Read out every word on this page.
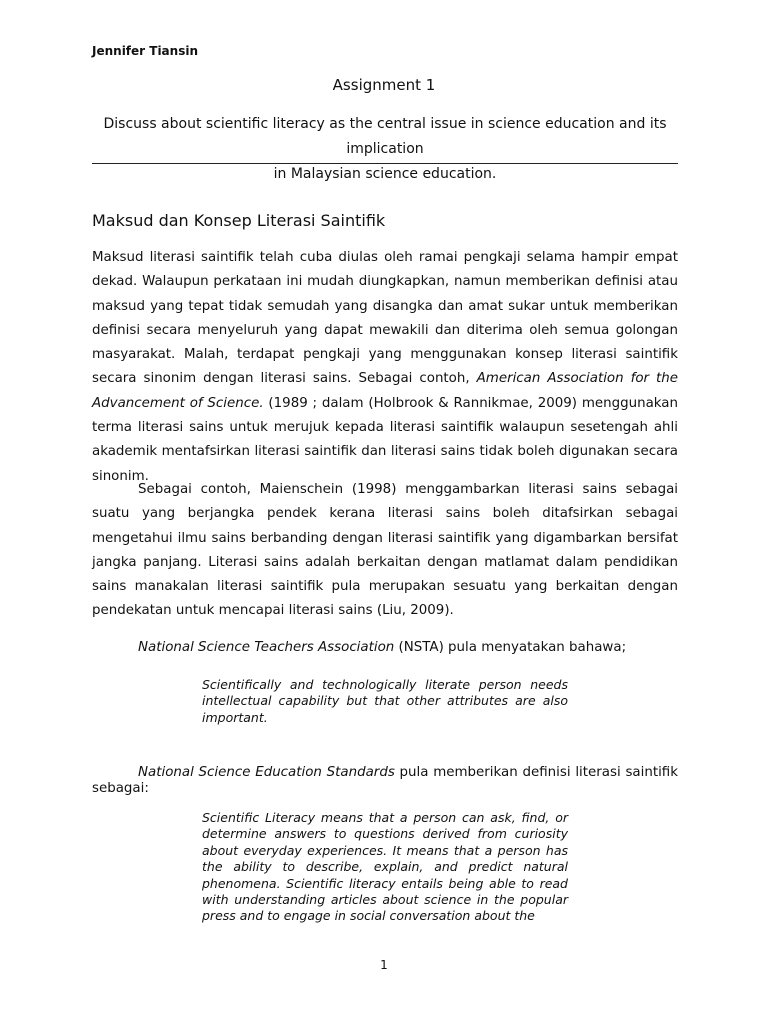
Jennifer Tiansin
Assignment 1
Discuss about scientific literacy as the central issue in science education and its implication
in Malaysian science education.
Maksud dan Konsep Literasi Saintifik

Maksud literasi saintifik telah cuba diulas oleh ramai pengkaji selama hampir empat dekad. Walaupun perkataan ini mudah diungkapkan, namun memberikan definisi atau maksud yang tepat tidak semudah yang disangka dan amat sukar untuk memberikan definisi secara menyeluruh yang dapat mewakili dan diterima oleh semua golongan masyarakat. Malah, terdapat pengkaji yang menggunakan konsep literasi saintifik secara sinonim dengan literasi sains. Sebagai contoh, American Association for the Advancement of Science. (1989 ; dalam (Holbrook & Rannikmae, 2009) menggunakan terma literasi sains untuk merujuk kepada literasi saintifik walaupun sesetengah ahli akademik mentafsirkan literasi saintifik dan literasi sains tidak boleh digunakan secara sinonim.

Sebagai contoh, Maienschein (1998) menggambarkan literasi sains sebagai suatu yang berjangka pendek kerana literasi sains boleh ditafsirkan sebagai mengetahui ilmu sains berbanding dengan literasi saintifik yang digambarkan bersifat jangka panjang. Literasi sains adalah berkaitan dengan matlamat dalam pendidikan sains manakalan literasi saintifik pula merupakan sesuatu yang berkaitan dengan pendekatan untuk mencapai literasi sains (Liu, 2009).

National Science Teachers Association (NSTA) pula menyatakan bahawa;

Scientifically and technologically literate person needs intellectual capability but that other attributes are also important.

National Science Education Standards pula memberikan definisi literasi saintifik sebagai:

Scientific Literacy means that a person can ask, find, or determine answers to questions derived from curiosity about everyday experiences. It means that a person has the ability to describe, explain, and predict natural phenomena. Scientific literacy entails being able to read with understanding articles about science in the popular press and to engage in social conversation about the

1
